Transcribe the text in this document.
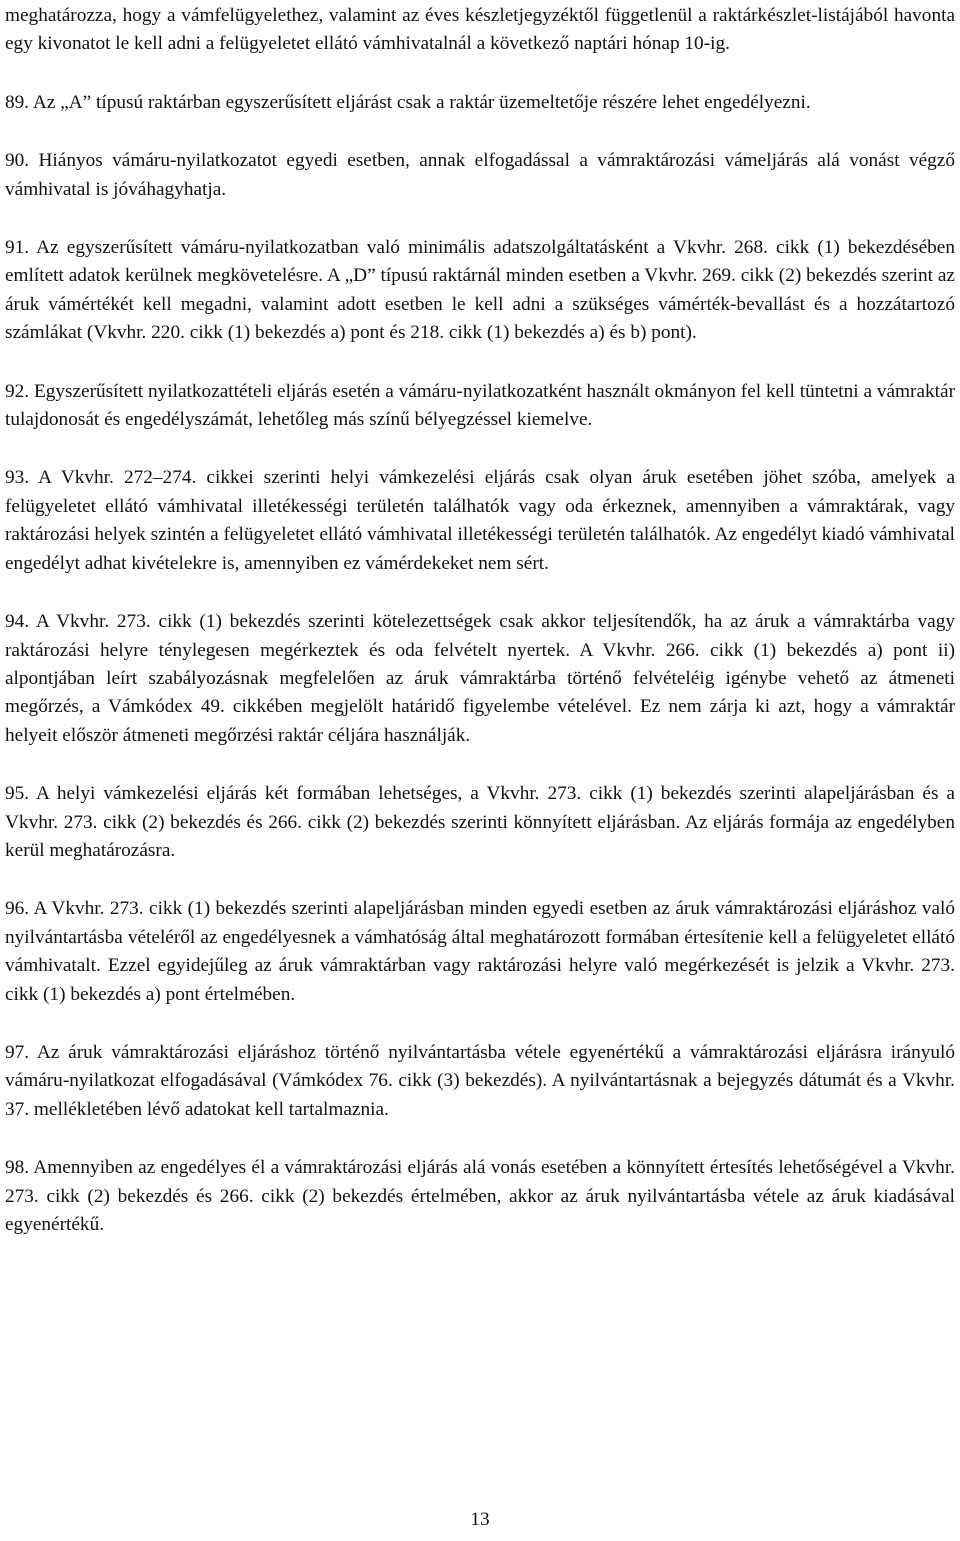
meghatározza, hogy a vámfelügyelethez, valamint az éves készletjegyzéktől függetlenül a raktárkészlet-listájából havonta egy kivonatot le kell adni a felügyeletet ellátó vámhivatalnál a következő naptári hónap 10-ig.

89. Az „A” típusú raktárban egyszerűsített eljárást csak a raktár üzemeltetője részére lehet engedélyezni.

90. Hiányos vámáru-nyilatkozatot egyedi esetben, annak elfogadással a vámraktározási vámeljárás alá vonást végző vámhivatal is jóváhagyhatja.

91. Az egyszerűsített vámáru-nyilatkozatban való minimális adatszolgáltatásként a Vkvhr. 268. cikk (1) bekezdésében említett adatok kerülnek megkövetelésre. A „D” típusú raktárnál minden esetben a Vkvhr. 269. cikk (2) bekezdés szerint az áruk vámértékét kell megadni, valamint adott esetben le kell adni a szükséges vámérték-bevallást és a hozzátartozó számlákat (Vkvhr. 220. cikk (1) bekezdés a) pont és 218. cikk (1) bekezdés a) és b) pont).

92. Egyszerűsített nyilatkozattételi eljárás esetén a vámáru-nyilatkozatként használt okmányon fel kell tüntetni a vámraktár tulajdonosát és engedélyszámát, lehetőleg más színű bélyegzéssel kiemelve.

93. A Vkvhr. 272–274. cikkei szerinti helyi vámkezelési eljárás csak olyan áruk esetében jöhet szóba, amelyek a felügyeletet ellátó vámhivatal illetékességi területén találhatók vagy oda érkeznek, amennyiben a vámraktárak, vagy raktározási helyek szintén a felügyeletet ellátó vámhivatal illetékességi területén találhatók. Az engedélyt kiadó vámhivatal engedélyt adhat kivételekre is, amennyiben ez vámérdekeket nem sért.

94. A Vkvhr. 273. cikk (1) bekezdés szerinti kötelezettségek csak akkor teljesítendők, ha az áruk a vámraktárba vagy raktározási helyre ténylegesen megérkeztek és oda felvételt nyertek. A Vkvhr. 266. cikk (1) bekezdés a) pont ii) alpontjában leírt szabályozásnak megfelelően az áruk vámraktárba történő felvételéig igénybe vehető az átmeneti megőrzés, a Vámkódex 49. cikkében megjelölt határidő figyelembe vételével. Ez nem zárja ki azt, hogy a vámraktár helyeit először átmeneti megőrzési raktár céljára használják.

95. A helyi vámkezelési eljárás két formában lehetséges, a Vkvhr. 273. cikk (1) bekezdés szerinti alapeljárásban és a Vkvhr. 273. cikk (2) bekezdés és 266. cikk (2) bekezdés szerinti könnyített eljárásban. Az eljárás formája az engedélyben kerül meghatározásra.

96. A Vkvhr. 273. cikk (1) bekezdés szerinti alapeljárásban minden egyedi esetben az áruk vámraktározási eljáráshoz való nyilvántartásba vételéről az engedélyesnek a vámhatóság által meghatározott formában értesítenie kell a felügyeletet ellátó vámhivatalt. Ezzel egyidejűleg az áruk vámraktárban vagy raktározási helyre való megérkezését is jelzik a Vkvhr. 273. cikk (1) bekezdés a) pont értelmében.

97. Az áruk vámraktározási eljáráshoz történő nyilvántartásba vétele egyenértékű a vámraktározási eljárásra irányuló vámáru-nyilatkozat elfogadásával (Vámkódex 76. cikk (3) bekezdés). A nyilvántartásnak a bejegyzés dátumát és a Vkvhr. 37. mellékletében lévő adatokat kell tartalmaznia.

98. Amennyiben az engedélyes él a vámraktározási eljárás alá vonás esetében a könnyített értesítés lehetőségével a Vkvhr. 273. cikk (2) bekezdés és 266. cikk (2) bekezdés értelmében, akkor az áruk nyilvántartásba vétele az áruk kiadásával egyenértékű.

13
